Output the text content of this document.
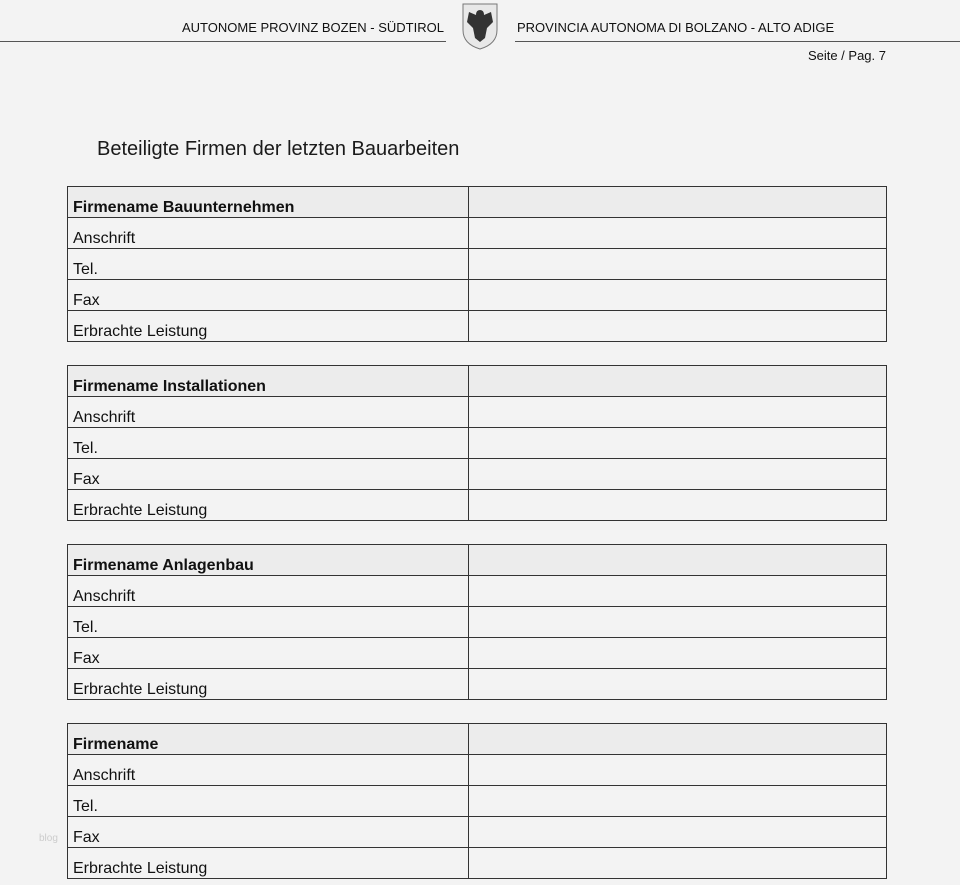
AUTONOME PROVINZ BOZEN - SÜDTIROL	PROVINCIA AUTONOMA DI BOLZANO - ALTO ADIGE
Seite / Pag. 7
Beteiligte Firmen der letzten Bauarbeiten
Firmename Bauunternehmen	
Anschrift	
Tel.	
Fax	
Erbrachte Leistung	
Firmename Installationen	
Anschrift	
Tel.	
Fax	
Erbrachte Leistung	
Firmename Anlagenbau	
Anschrift	
Tel.	
Fax	
Erbrachte Leistung	
Firmename	
Anschrift	
Tel.	
Fax	
Erbrachte Leistung	
blog
